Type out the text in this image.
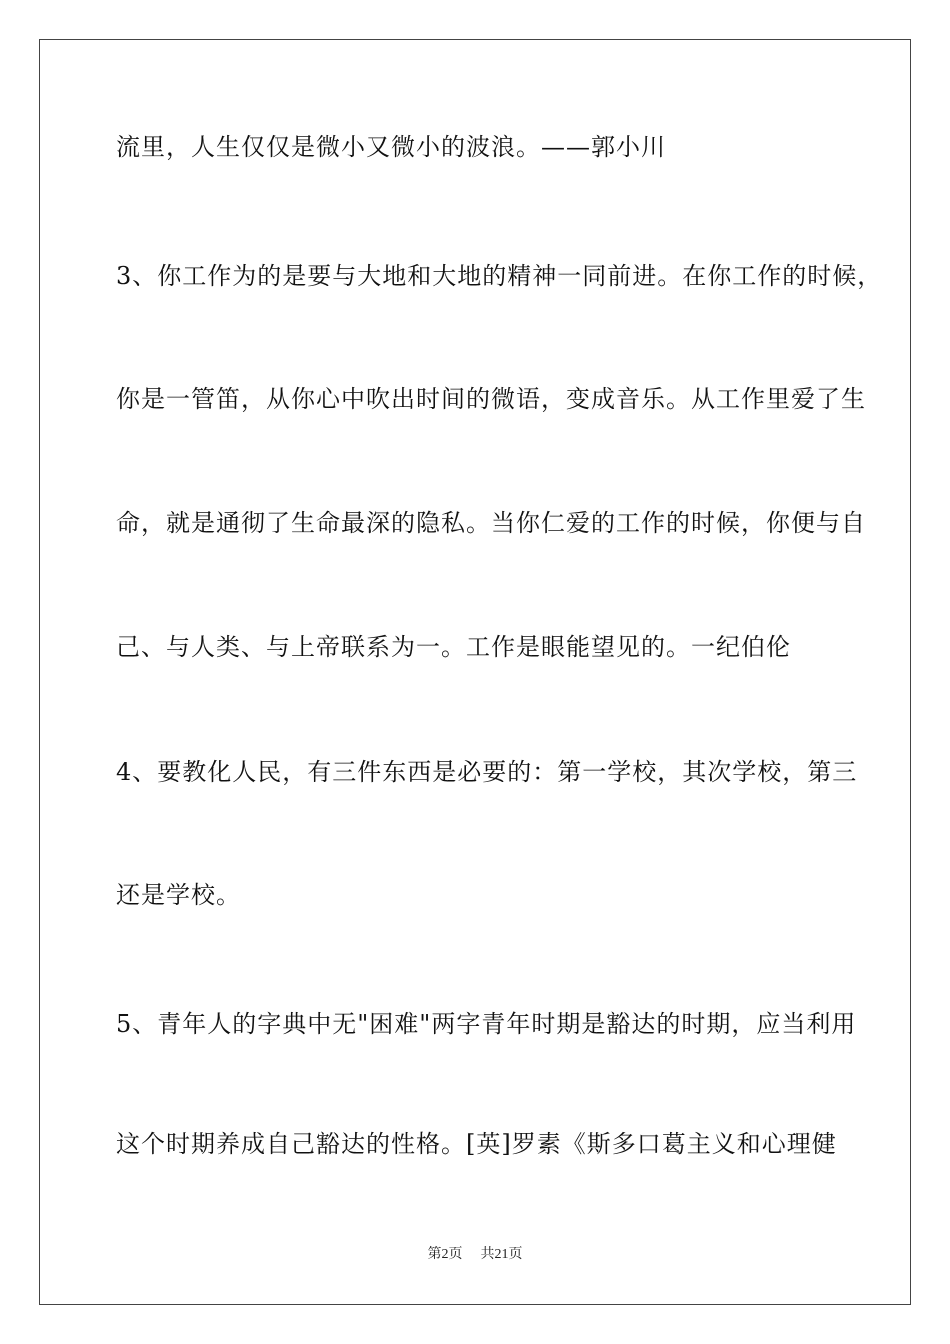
流里，人生仅仅是微小又微小的波浪。——郭小川
3、你工作为的是要与大地和大地的精神一同前进。在你工作的时候，
你是一管笛，从你心中吹出时间的微语，变成音乐。从工作里爱了生
命，就是通彻了生命最深的隐私。当你仁爱的工作的时候，你便与自
己、与人类、与上帝联系为一。工作是眼能望见的。一纪伯伦
4、要教化人民，有三件东西是必要的：第一学校，其次学校，第三
还是学校。
5、青年人的字典中无"困难"两字青年时期是豁达的时期，应当利用
这个时期养成自己豁达的性格。[英]罗素《斯多口葛主义和心理健
第2页 共21页
